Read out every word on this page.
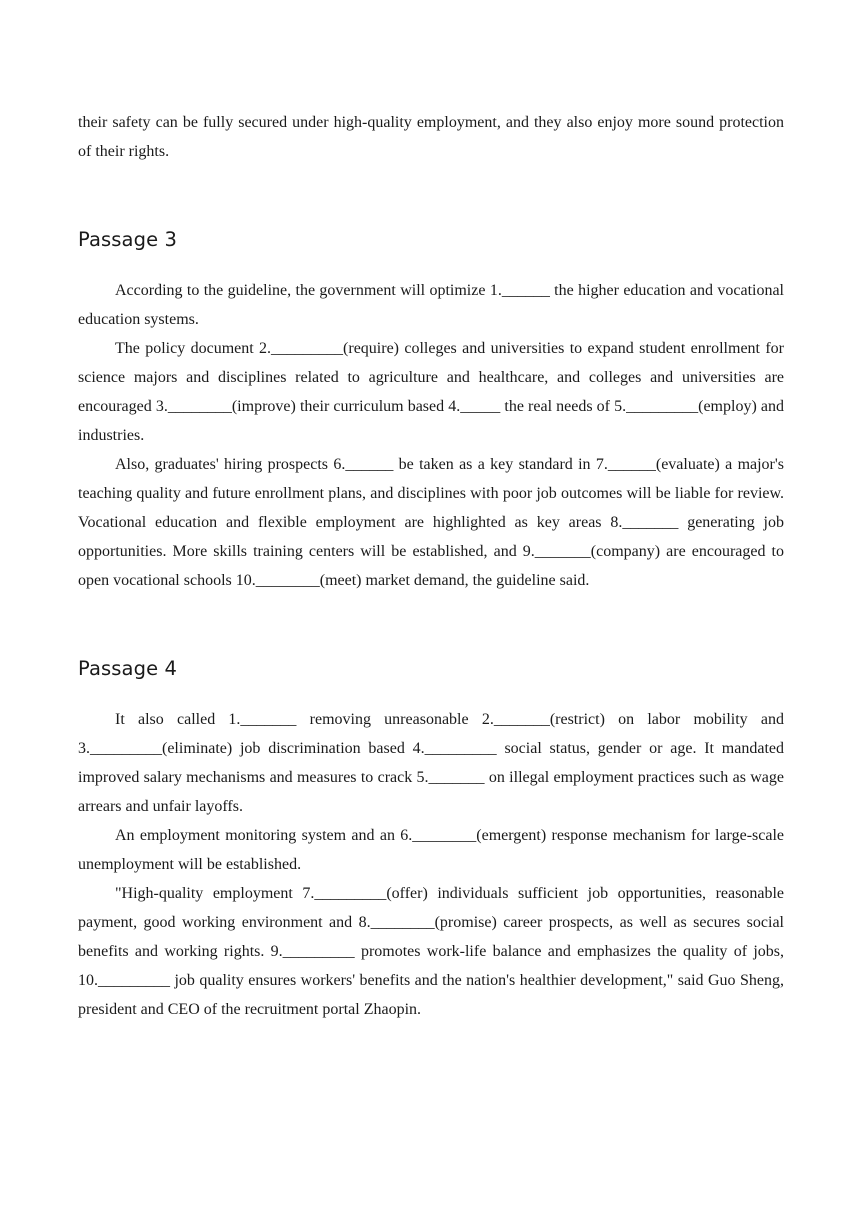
their safety can be fully secured under high-quality employment, and they also enjoy more sound protection of their rights.

Passage 3

According to the guideline, the government will optimize 1.______ the higher education and vocational education systems.

The policy document 2._________(require) colleges and universities to expand student enrollment for science majors and disciplines related to agriculture and healthcare, and colleges and universities are encouraged 3.________(improve) their curriculum based 4._____ the real needs of 5._________(employ) and industries.

Also, graduates' hiring prospects 6.______ be taken as a key standard in 7.______(evaluate) a major's teaching quality and future enrollment plans, and disciplines with poor job outcomes will be liable for review. Vocational education and flexible employment are highlighted as key areas 8._______ generating job opportunities. More skills training centers will be established, and 9._______(company) are encouraged to open vocational schools 10.________(meet) market demand, the guideline said.

Passage 4

It also called 1._______ removing unreasonable 2._______(restrict) on labor mobility and 3._________(eliminate) job discrimination based 4._________ social status, gender or age. It mandated improved salary mechanisms and measures to crack 5._______ on illegal employment practices such as wage arrears and unfair layoffs.

An employment monitoring system and an 6.________(emergent) response mechanism for large-scale unemployment will be established.

"High-quality employment 7._________(offer) individuals sufficient job opportunities, reasonable payment, good working environment and 8.________(promise) career prospects, as well as secures social benefits and working rights. 9._________ promotes work-life balance and emphasizes the quality of jobs, 10._________ job quality ensures workers' benefits and the nation's healthier development," said Guo Sheng, president and CEO of the recruitment portal Zhaopin.
